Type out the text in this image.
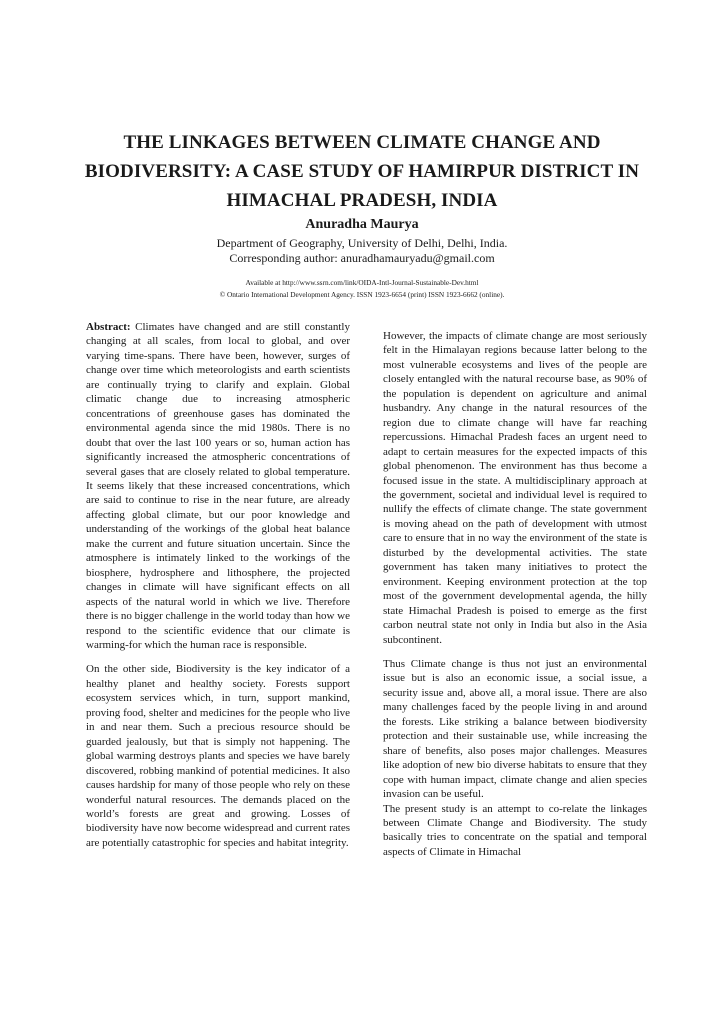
THE LINKAGES BETWEEN CLIMATE CHANGE AND
BIODIVERSITY: A CASE STUDY OF HAMIRPUR DISTRICT IN
HIMACHAL PRADESH, INDIA
Anuradha Maurya
Department of Geography, University of Delhi, Delhi, India.
Corresponding author: anuradhamauryadu@gmail.com
Available at http://www.ssrn.com/link/OIDA-Intl-Journal-Sustainable-Dev.html
© Ontario International Development Agency. ISSN 1923-6654 (print) ISSN 1923-6662 (online).

Abstract: Climates have changed and are still constantly changing at all scales, from local to global, and over varying time-spans. There have been, however, surges of change over time which meteorologists and earth scientists are continually trying to clarify and explain. Global climatic change due to increasing atmospheric concentrations of greenhouse gases has dominated the environmental agenda since the mid 1980s. There is no doubt that over the last 100 years or so, human action has significantly increased the atmospheric concentrations of several gases that are closely related to global temperature. It seems likely that these increased concentrations, which are said to continue to rise in the near future, are already affecting global climate, but our poor knowledge and understanding of the workings of the global heat balance make the current and future situation uncertain. Since the atmosphere is intimately linked to the workings of the biosphere, hydrosphere and lithosphere, the projected changes in climate will have significant effects on all aspects of the natural world in which we live. Therefore there is no bigger challenge in the world today than how we respond to the scientific evidence that our climate is warming-for which the human race is responsible.

On the other side, Biodiversity is the key indicator of a healthy planet and healthy society. Forests support ecosystem services which, in turn, support mankind, proving food, shelter and medicines for the people who live in and near them. Such a precious resource should be guarded jealously, but that is simply not happening. The global warming destroys plants and species we have barely discovered, robbing mankind of potential medicines. It also causes hardship for many of those people who rely on these wonderful natural resources. The demands placed on the world’s forests are great and growing. Losses of biodiversity have now become widespread and current rates are potentially catastrophic for species and habitat integrity.

However, the impacts of climate change are most seriously felt in the Himalayan regions because latter belong to the most vulnerable ecosystems and lives of the people are closely entangled with the natural recourse base, as 90% of the population is dependent on agriculture and animal husbandry. Any change in the natural resources of the region due to climate change will have far reaching repercussions. Himachal Pradesh faces an urgent need to adapt to certain measures for the expected impacts of this global phenomenon. The environment has thus become a focused issue in the state. A multidisciplinary approach at the government, societal and individual level is required to nullify the effects of climate change. The state government is moving ahead on the path of development with utmost care to ensure that in no way the environment of the state is disturbed by the developmental activities. The state government has taken many initiatives to protect the environment. Keeping environment protection at the top most of the government developmental agenda, the hilly state Himachal Pradesh is poised to emerge as the first carbon neutral state not only in India but also in the Asia subcontinent.

Thus Climate change is thus not just an environmental issue but is also an economic issue, a social issue, a security issue and, above all, a moral issue. There are also many challenges faced by the people living in and around the forests. Like striking a balance between biodiversity protection and their sustainable use, while increasing the share of benefits, also poses major challenges. Measures like adoption of new bio diverse habitats to ensure that they cope with human impact, climate change and alien species invasion can be useful.

The present study is an attempt to co-relate the linkages between Climate Change and Biodiversity. The study basically tries to concentrate on the spatial and temporal aspects of Climate in Himachal
